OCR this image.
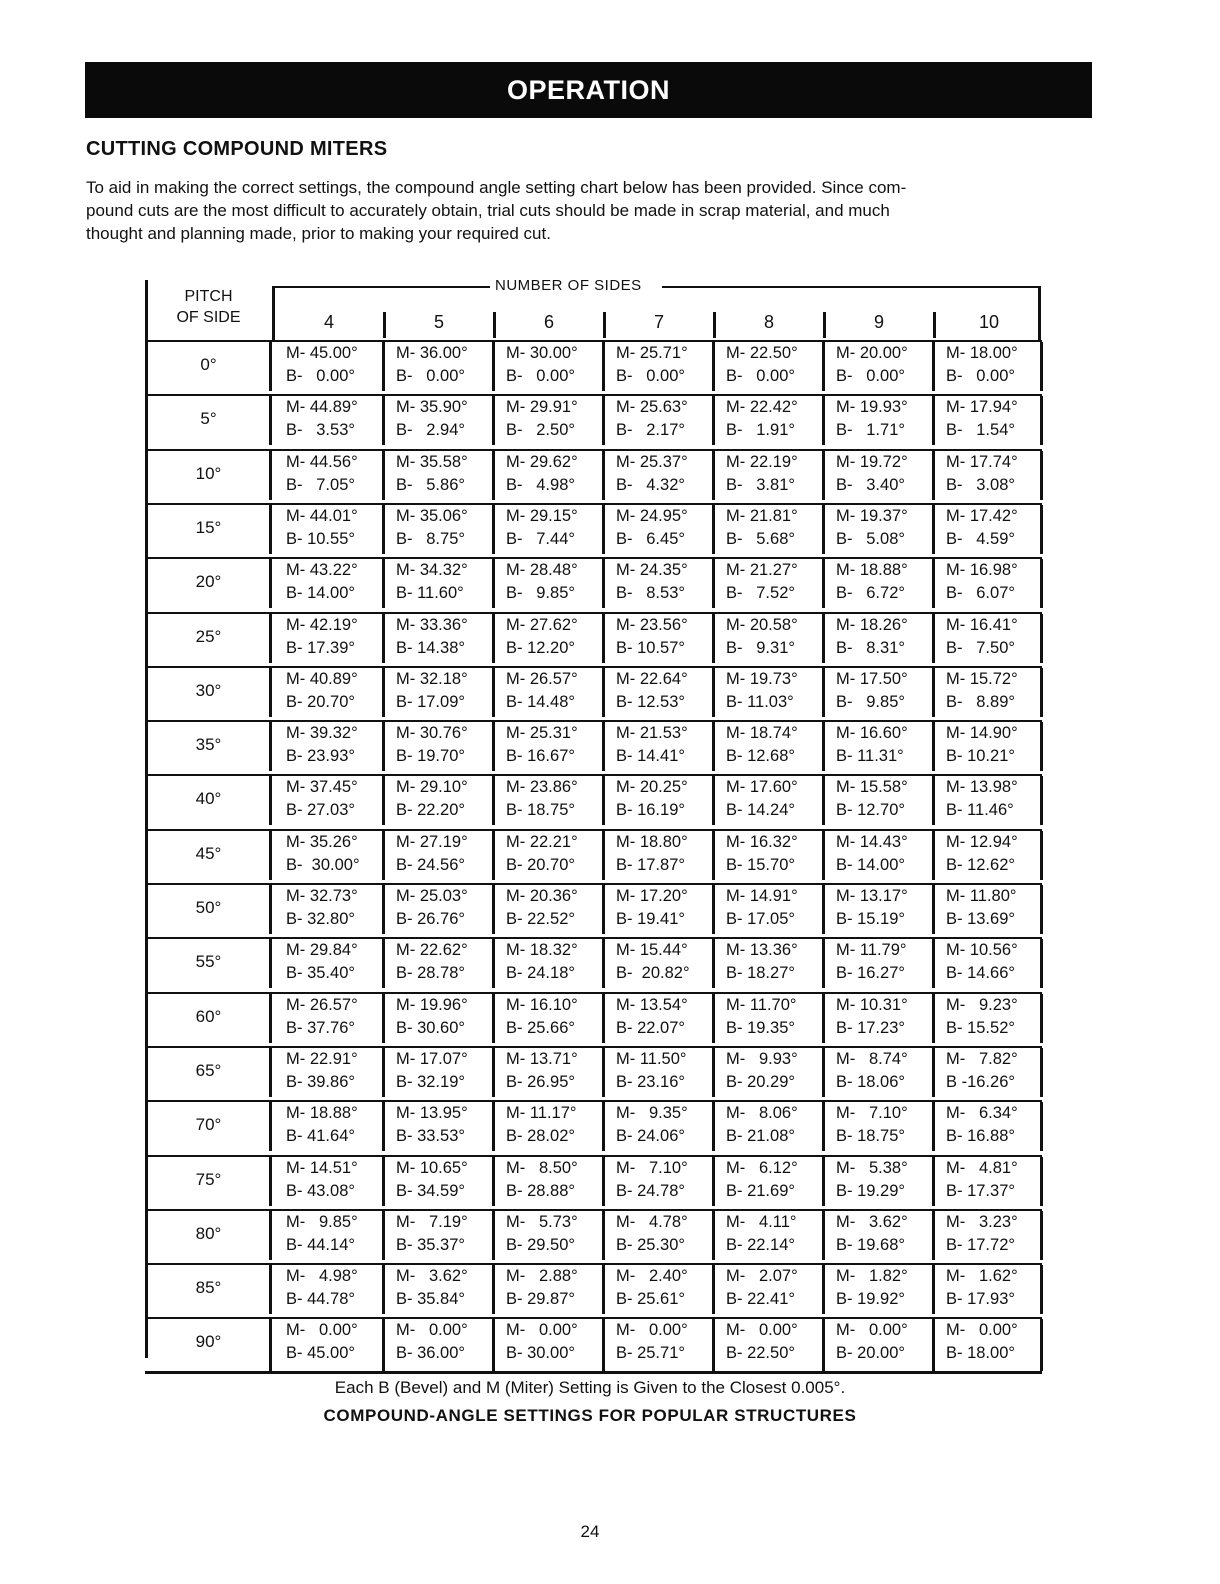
OPERATION
CUTTING COMPOUND MITERS

To aid in making the correct settings, the compound angle setting chart below has been provided. Since com-

pound cuts are the most difficult to accurately obtain, trial cuts should be made in scrap material, and much

thought and planning made, prior to making your required cut.

PITCH
OF SIDE
NUMBER OF SIDES
4	5	6	7	8	9	10
0°
M- 45.00°
B-   0.00°
M- 36.00°
B-   0.00°
M- 30.00°
B-   0.00°
M- 25.71°
B-   0.00°
M- 22.50°
B-   0.00°
M- 20.00°
B-   0.00°
M- 18.00°
B-   0.00°
5°
M- 44.89°
B-   3.53°
M- 35.90°
B-   2.94°
M- 29.91°
B-   2.50°
M- 25.63°
B-   2.17°
M- 22.42°
B-   1.91°
M- 19.93°
B-   1.71°
M- 17.94°
B-   1.54°
10°
M- 44.56°
B-   7.05°
M- 35.58°
B-   5.86°
M- 29.62°
B-   4.98°
M- 25.37°
B-   4.32°
M- 22.19°
B-   3.81°
M- 19.72°
B-   3.40°
M- 17.74°
B-   3.08°
15°
M- 44.01°
B- 10.55°
M- 35.06°
B-   8.75°
M- 29.15°
B-   7.44°
M- 24.95°
B-   6.45°
M- 21.81°
B-   5.68°
M- 19.37°
B-   5.08°
M- 17.42°
B-   4.59°
20°
M- 43.22°
B- 14.00°
M- 34.32°
B- 11.60°
M- 28.48°
B-   9.85°
M- 24.35°
B-   8.53°
M- 21.27°
B-   7.52°
M- 18.88°
B-   6.72°
M- 16.98°
B-   6.07°
25°
M- 42.19°
B- 17.39°
M- 33.36°
B- 14.38°
M- 27.62°
B- 12.20°
M- 23.56°
B- 10.57°
M- 20.58°
B-   9.31°
M- 18.26°
B-   8.31°
M- 16.41°
B-   7.50°
30°
M- 40.89°
B- 20.70°
M- 32.18°
B- 17.09°
M- 26.57°
B- 14.48°
M- 22.64°
B- 12.53°
M- 19.73°
B- 11.03°
M- 17.50°
B-   9.85°
M- 15.72°
B-   8.89°
35°
M- 39.32°
B- 23.93°
M- 30.76°
B- 19.70°
M- 25.31°
B- 16.67°
M- 21.53°
B- 14.41°
M- 18.74°
B- 12.68°
M- 16.60°
B- 11.31°
M- 14.90°
B- 10.21°
40°
M- 37.45°
B- 27.03°
M- 29.10°
B- 22.20°
M- 23.86°
B- 18.75°
M- 20.25°
B- 16.19°
M- 17.60°
B- 14.24°
M- 15.58°
B- 12.70°
M- 13.98°
B- 11.46°
45°
M- 35.26°
B-  30.00°
M- 27.19°
B- 24.56°
M- 22.21°
B- 20.70°
M- 18.80°
B- 17.87°
M- 16.32°
B- 15.70°
M- 14.43°
B- 14.00°
M- 12.94°
B- 12.62°
50°
M- 32.73°
B- 32.80°
M- 25.03°
B- 26.76°
M- 20.36°
B- 22.52°
M- 17.20°
B- 19.41°
M- 14.91°
B- 17.05°
M- 13.17°
B- 15.19°
M- 11.80°
B- 13.69°
55°
M- 29.84°
B- 35.40°
M- 22.62°
B- 28.78°
M- 18.32°
B- 24.18°
M- 15.44°
B-  20.82°
M- 13.36°
B- 18.27°
M- 11.79°
B- 16.27°
M- 10.56°
B- 14.66°
60°
M- 26.57°
B- 37.76°
M- 19.96°
B- 30.60°
M- 16.10°
B- 25.66°
M- 13.54°
B- 22.07°
M- 11.70°
B- 19.35°
M- 10.31°
B- 17.23°
M-   9.23°
B- 15.52°
65°
M- 22.91°
B- 39.86°
M- 17.07°
B- 32.19°
M- 13.71°
B- 26.95°
M- 11.50°
B- 23.16°
M-   9.93°
B- 20.29°
M-   8.74°
B- 18.06°
M-   7.82°
B -16.26°
70°
M- 18.88°
B- 41.64°
M- 13.95°
B- 33.53°
M- 11.17°
B- 28.02°
M-   9.35°
B- 24.06°
M-   8.06°
B- 21.08°
M-   7.10°
B- 18.75°
M-   6.34°
B- 16.88°
75°
M- 14.51°
B- 43.08°
M- 10.65°
B- 34.59°
M-   8.50°
B- 28.88°
M-   7.10°
B- 24.78°
M-   6.12°
B- 21.69°
M-   5.38°
B- 19.29°
M-   4.81°
B- 17.37°
80°
M-   9.85°
B- 44.14°
M-   7.19°
B- 35.37°
M-   5.73°
B- 29.50°
M-   4.78°
B- 25.30°
M-   4.11°
B- 22.14°
M-   3.62°
B- 19.68°
M-   3.23°
B- 17.72°
85°
M-   4.98°
B- 44.78°
M-   3.62°
B- 35.84°
M-   2.88°
B- 29.87°
M-   2.40°
B- 25.61°
M-   2.07°
B- 22.41°
M-   1.82°
B- 19.92°
M-   1.62°
B- 17.93°
90°
M-   0.00°
B- 45.00°
M-   0.00°
B- 36.00°
M-   0.00°
B- 30.00°
M-   0.00°
B- 25.71°
M-   0.00°
B- 22.50°
M-   0.00°
B- 20.00°
M-   0.00°
B- 18.00°
Each B (Bevel) and M (Miter) Setting is Given to the Closest 0.005°.
COMPOUND-ANGLE SETTINGS FOR POPULAR STRUCTURES
24
